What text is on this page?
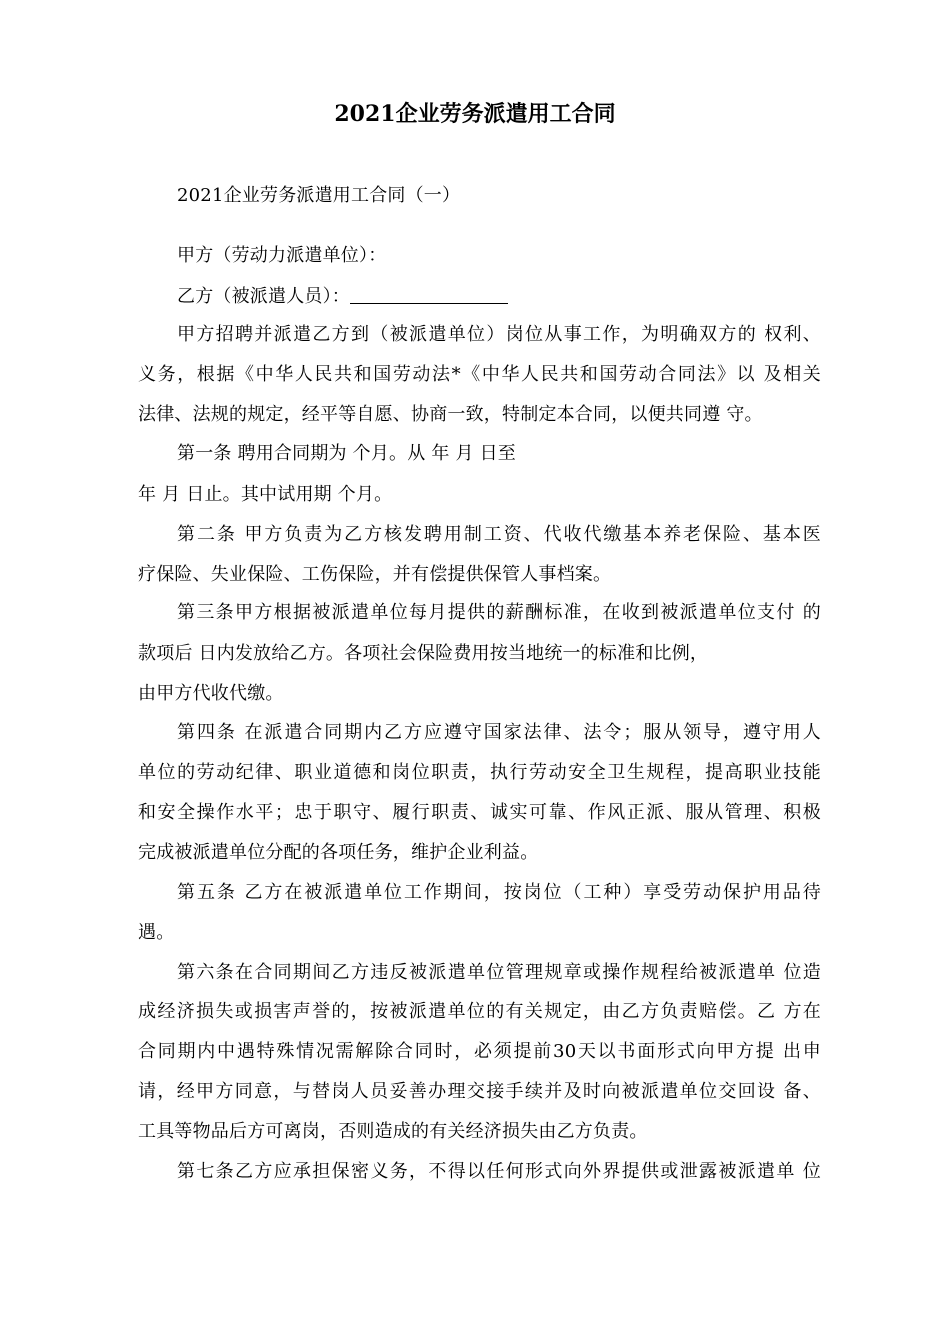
2021企业劳务派遣用工合同
2021企业劳务派遣用工合同（一）
甲方（劳动力派遣单位）：
乙方（被派遣人员）：
甲方招聘并派遣乙方到（被派遣单位）岗位从事工作，为明确双方的 权利、
义务，根据《中华人民共和国劳动法*《中华人民共和国劳动合同法》以 及相关
法律、法规的规定，经平等自愿、协商一致，特制定本合同，以便共同遵 守。
第一条 聘用合同期为 个月。从 年 月 日至
年 月 日止。其中试用期 个月。
第二条 甲方负责为乙方核发聘用制工资、代收代缴基本养老保险、基本医
疗保险、失业保险、工伤保险，并有偿提供保管人事档案。
第三条甲方根据被派遣单位每月提供的薪酬标准，在收到被派遣单位支付 的
款项后 日内发放给乙方。各项社会保险费用按当地统一的标准和比例，
由甲方代收代缴。
第四条 在派遣合同期内乙方应遵守国家法律、法令；服从领导，遵守用人
单位的劳动纪律、职业道德和岗位职责，执行劳动安全卫生规程，提高职业技能
和安全操作水平；忠于职守、履行职责、诚实可靠、作风正派、服从管理、积极
完成被派遣单位分配的各项任务，维护企业利益。
第五条 乙方在被派遣单位工作期间，按岗位（工种）享受劳动保护用品待
遇。
第六条在合同期间乙方违反被派遣单位管理规章或操作规程给被派遣单 位造
成经济损失或损害声誉的，按被派遣单位的有关规定，由乙方负责赔偿。乙 方在
合同期内中遇特殊情况需解除合同时，必须提前30天以书面形式向甲方提 出申
请，经甲方同意，与替岗人员妥善办理交接手续并及时向被派遣单位交回设 备、
工具等物品后方可离岗，否则造成的有关经济损失由乙方负责。
第七条乙方应承担保密义务，不得以任何形式向外界提供或泄露被派遣单 位
